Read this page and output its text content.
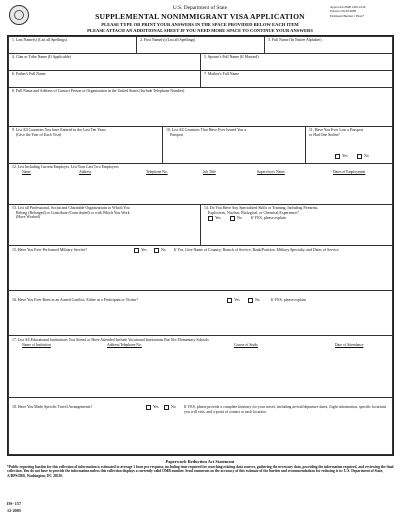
U.S. Department of State
SUPPLEMENTAL NONIMMIGRANT VISA APPLICATION
Approved OMB 1405-0146
Expires: 06/30/2008
Estimated Burden 1 Hour*
PLEASE TYPE OR PRINT YOUR ANSWERS IN THE SPACE PROVIDED BELOW EACH ITEM
PLEASE ATTACH AN ADDITIONAL SHEET IF YOU NEED MORE SPACE TO CONTINUE YOUR ANSWERS
1. Last Name(s) (List all Spellings)	2. First Name(s) (List all Spellings)	3. Full Name (In Native Alphabet)
4. Clan or Tribe Name (If Applicable)	5. Spouse's Full Name (If Married)
6. Father's Full Name	7. Mother's Full Name
8. Full Name and Address of Contact Person or Organization in the United States (Include Telephone Number)
9. List All Countries You have Entered in the Last Ten Years
(Give the Year of Each Visit)
10. List All Countries That Have Ever Issued You a
Passport
11. Have You Ever Lost a Passport or Had One Stolen?
Yes	No
12. List Including Current Employer, List Your Last Two Employers
Name	Address	Telephone No.	Job Title	Supervisor's Name	Dates of Employment
13. List all Professional, Social and Charitable Organizations to Which You
Belong (Belonged) or Contribute (Contributed) or with Which You Work
(Have Worked)
14. Do You Have Any Specialized Skills or Training, Including Firearms,
Explosives, Nuclear, Biological, or Chemical Experience?
Yes	No If YES, please explain
15. Have You Ever Performed Military Service?	Yes	No If Yes, Give Name of Country, Branch of Service, Rank/Position, Military Specialty, and Dates of Service
16. Have You Ever Been in an Armed Conflict, Either as a Participant or Victim?	Yes	No	If YES, please explain
17. List All Educational Institutions You Attend or Have Attended Include Vocational Institutions But Not Elementary Schools.
Name of Institution	Address/Telephone No.	Course of Study	Date of Attendance
18. Have You Made Specific Travel Arrangements?	Yes	No If YES, please provide a complete itinerary for your travel, including arrival/departure dates, flight information, specific locations you will visit, and a point of contact at each location.
Paperwork Reduction Act Statement
*Public reporting burden for this collection of information is estimated to average 1 hour per response, including time required for searching existing data sources, gathering the necessary data, providing the information required, and reviewing the final collection. You do not have to provide the information unless this collection displays a currently valid OMB number. Send comments on the accuracy of this estimate of the burden and recommendations for reducing it to: U.S. Department of State, A/RPS/DIR, Washington, DC 20520.
DS- 157
12-2005
